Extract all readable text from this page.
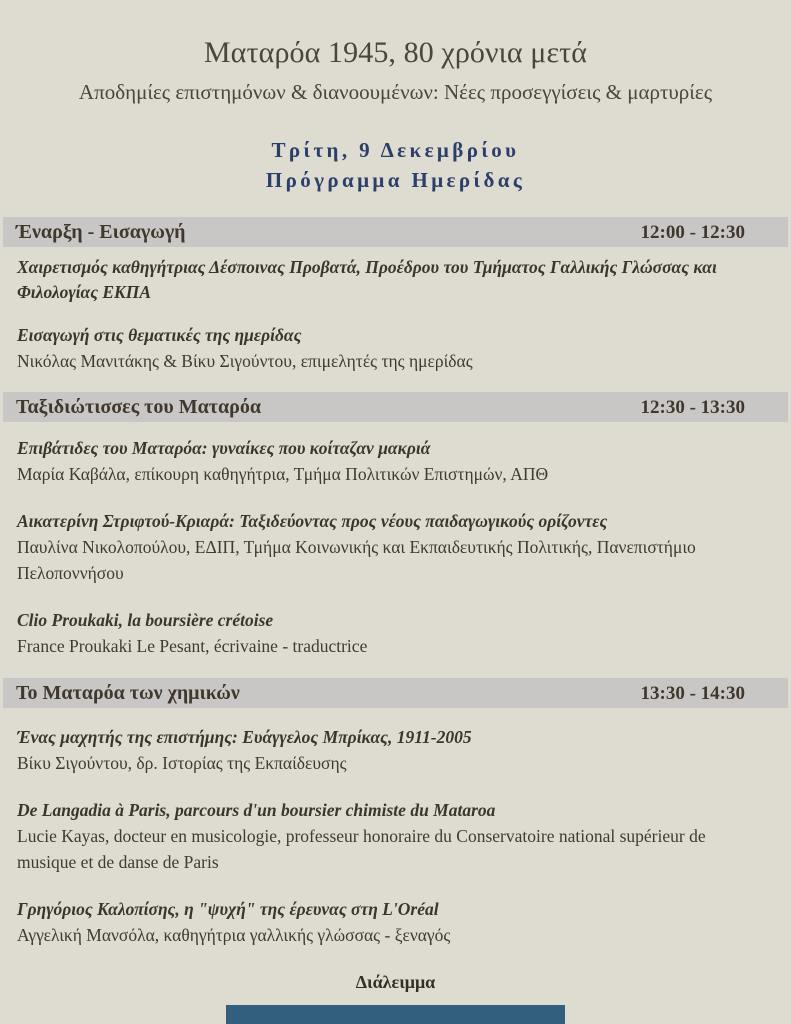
Ματαρόα 1945, 80 χρόνια μετά
Αποδημίες επιστημόνων & διανοουμένων: Νέες προσεγγίσεις & μαρτυρίες
Τρίτη, 9 Δεκεμβρίου
Πρόγραμμα Ημερίδας
Έναρξη - Εισαγωγή	12:00 - 12:30

Χαιρετισμός καθηγήτριας Δέσποινας Προβατά, Προέδρου του Τμήματος Γαλλικής Γλώσσας και Φιλολογίας ΕΚΠΑ

Εισαγωγή στις θεματικές της ημερίδας

Νικόλας Μανιτάκης & Βίκυ Σιγούντου, επιμελητές της ημερίδας

Ταξιδιώτισσες του Ματαρόα	12:30 - 13:30

Επιβάτιδες του Ματαρόα: γυναίκες που κοίταζαν μακριά

Μαρία Καβάλα, επίκουρη καθηγήτρια, Τμήμα Πολιτικών Επιστημών, ΑΠΘ

Αικατερίνη Στριφτού-Κριαρά: Ταξιδεύοντας προς νέους παιδαγωγικούς ορίζοντες

Παυλίνα Νικολοπούλου, ΕΔΙΠ, Τμήμα Κοινωνικής και Εκπαιδευτικής Πολιτικής, Πανεπιστήμιο Πελοποννήσου

Clio Proukaki, la boursière crétoise

France Proukaki Le Pesant, écrivaine - traductrice

Το Ματαρόα των χημικών	13:30 - 14:30

Ένας μαχητής της επιστήμης: Ευάγγελος Μπρίκας, 1911-2005

Βίκυ Σιγούντου, δρ. Ιστορίας της Εκπαίδευσης

De Langadia à Paris, parcours d'un boursier chimiste du Mataroa

Lucie Kayas, docteur en musicologie, professeur honoraire du Conservatoire national supérieur de musique et de danse de Paris

Γρηγόριος Καλοπίσης, η "ψυχή" της έρευνας στη L'Oréal

Αγγελική Μανσόλα, καθηγήτρια γαλλικής γλώσσας - ξεναγός

Διάλειμμα
